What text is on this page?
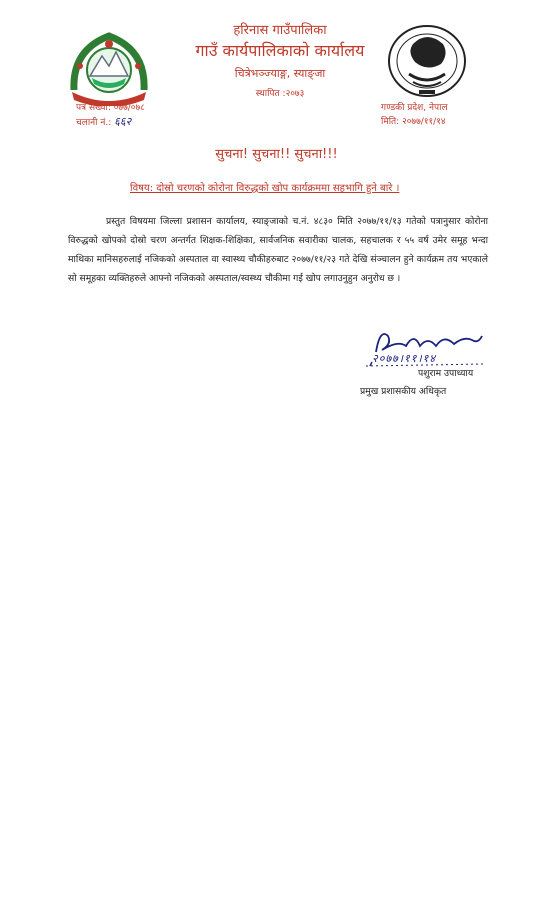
हरिनास गाउँपालिका
गाउँ कार्यपालिकाको कार्यालय
चित्रेभञ्ज्याङ्ग, स्याङ्जा
स्थापित :२०७३
पत्र संख्या: ०७७/०७८
चलानी नं.: ६६२
गण्डकी प्रदेश, नेपाल
मिति: २०७७/११/१४
सुचना! सुचना!! सुचना!!!
विषय: दोस्रो चरणको कोरोना विरुद्धको खोप कार्यक्रममा सहभागि हुने बारे ।
प्रस्तुत विषयमा जिल्ला प्रशासन कार्यालय, स्याङ्जाको च.नं. ४८३० मिति २०७७/११/१३ गतेको पत्रानुसार कोरोना विरुद्धको खोपको दोस्रो चरण अन्तर्गत शिक्षक-शिक्षिका, सार्वजनिक सवारीका चालक, सहचालक र ५५ वर्ष उमेर समूह भन्दा माथिका मानिसहरुलाई नजिकको अस्पताल वा स्वास्थ्य चौकीहरुबाट २०७७/११/२३ गते देखि संञ्चालन हुने कार्यक्रम तय भएकाले सो समूहका व्यक्तिहरुले आफ्नो नजिकको अस्पताल/स्वस्थ्य चौकीमा गई खोप लगाउनुहुन अनुरोध छ ।
२०७७।११।१४
पशुराम उपाध्याय
प्रमुख प्रशासकीय अधिकृत
